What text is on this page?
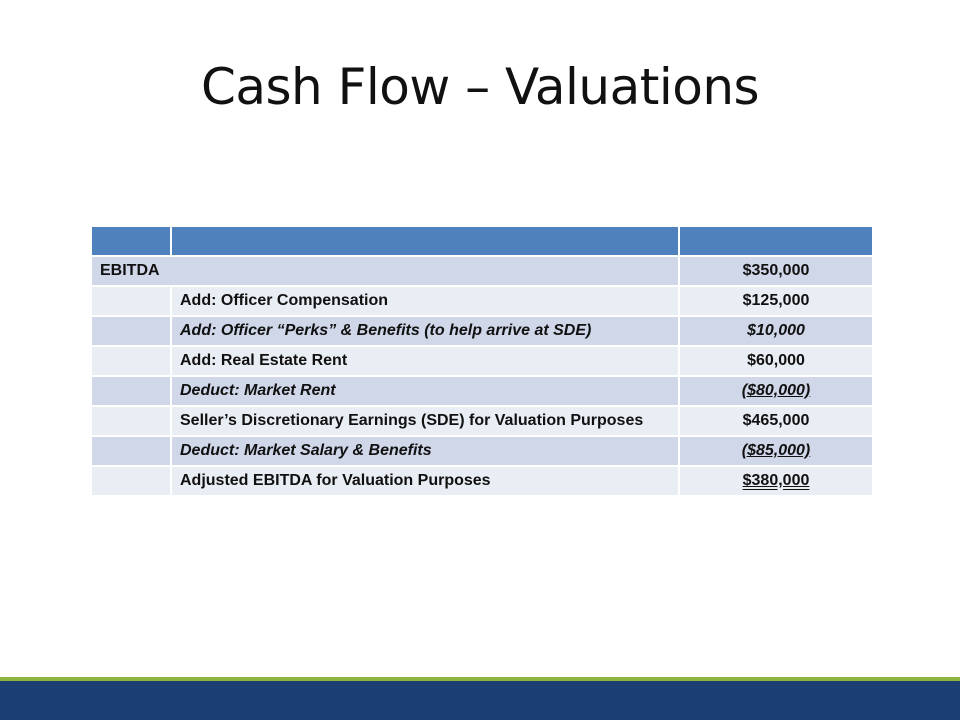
Cash Flow – Valuations

EBITDA		$350,000
	Add: Officer Compensation	$125,000
	Add: Officer “Perks” & Benefits (to help arrive at SDE)	$10,000
	Add: Real Estate Rent	$60,000
	Deduct: Market Rent	($80,000)
	Seller’s Discretionary Earnings (SDE) for Valuation Purposes	$465,000
	Deduct: Market Salary & Benefits	($85,000)
	Adjusted EBITDA for Valuation Purposes	$380,000
